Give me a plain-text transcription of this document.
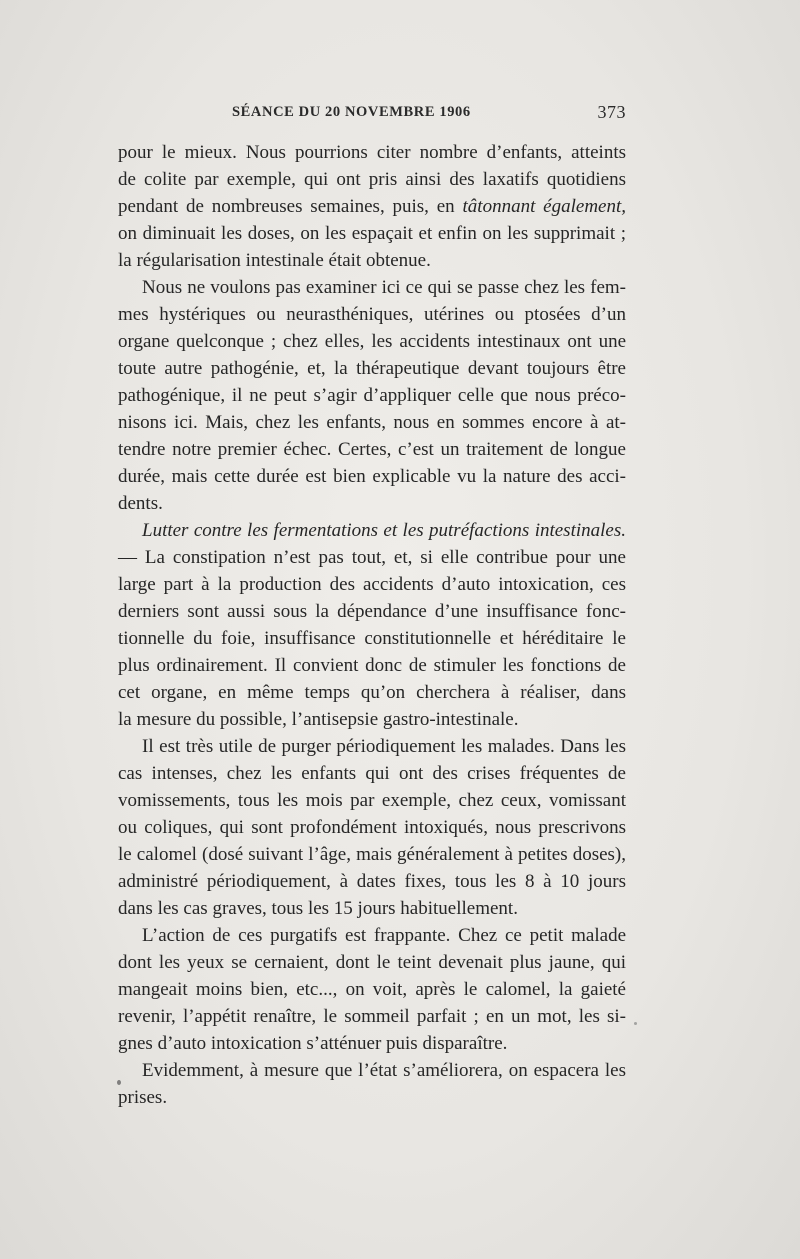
SÉANCE DU 20 NOVEMBRE 1906	373
pour le mieux. Nous pourrions citer nombre d’enfants, atteints
de colite par exemple, qui ont pris ainsi des laxatifs quotidiens
pendant de nombreuses semaines, puis, en tâtonnant également,
on diminuait les doses, on les espaçait et enfin on les supprimait ;
la régularisation intestinale était obtenue.
Nous ne voulons pas examiner ici ce qui se passe chez les fem-
mes hystériques ou neurasthéniques, utérines ou ptosées d’un
organe quelconque ; chez elles, les accidents intestinaux ont une
toute autre pathogénie, et, la thérapeutique devant toujours être
pathogénique, il ne peut s’agir d’appliquer celle que nous préco-
nisons ici. Mais, chez les enfants, nous en sommes encore à at-
tendre notre premier échec. Certes, c’est un traitement de longue
durée, mais cette durée est bien explicable vu la nature des acci-
dents.
Lutter contre les fermentations et les putréfactions intestinales.
— La constipation n’est pas tout, et, si elle contribue pour une
large part à la production des accidents d’auto intoxication, ces
derniers sont aussi sous la dépendance d’une insuffisance fonc-
tionnelle du foie, insuffisance constitutionnelle et héréditaire le
plus ordinairement. Il convient donc de stimuler les fonctions de
cet organe, en même temps qu’on cherchera à réaliser, dans
la mesure du possible, l’antisepsie gastro-intestinale.
Il est très utile de purger périodiquement les malades. Dans les
cas intenses, chez les enfants qui ont des crises fréquentes de
vomissements, tous les mois par exemple, chez ceux, vomissant
ou coliques, qui sont profondément intoxiqués, nous prescrivons
le calomel (dosé suivant l’âge, mais généralement à petites doses),
administré périodiquement, à dates fixes, tous les 8 à 10 jours
dans les cas graves, tous les 15 jours habituellement.
L’action de ces purgatifs est frappante. Chez ce petit malade
dont les yeux se cernaient, dont le teint devenait plus jaune, qui
mangeait moins bien, etc..., on voit, après le calomel, la gaieté
revenir, l’appétit renaître, le sommeil parfait ; en un mot, les si-
gnes d’auto intoxication s’atténuer puis disparaître.
Evidemment, à mesure que l’état s’améliorera, on espacera les
prises.
